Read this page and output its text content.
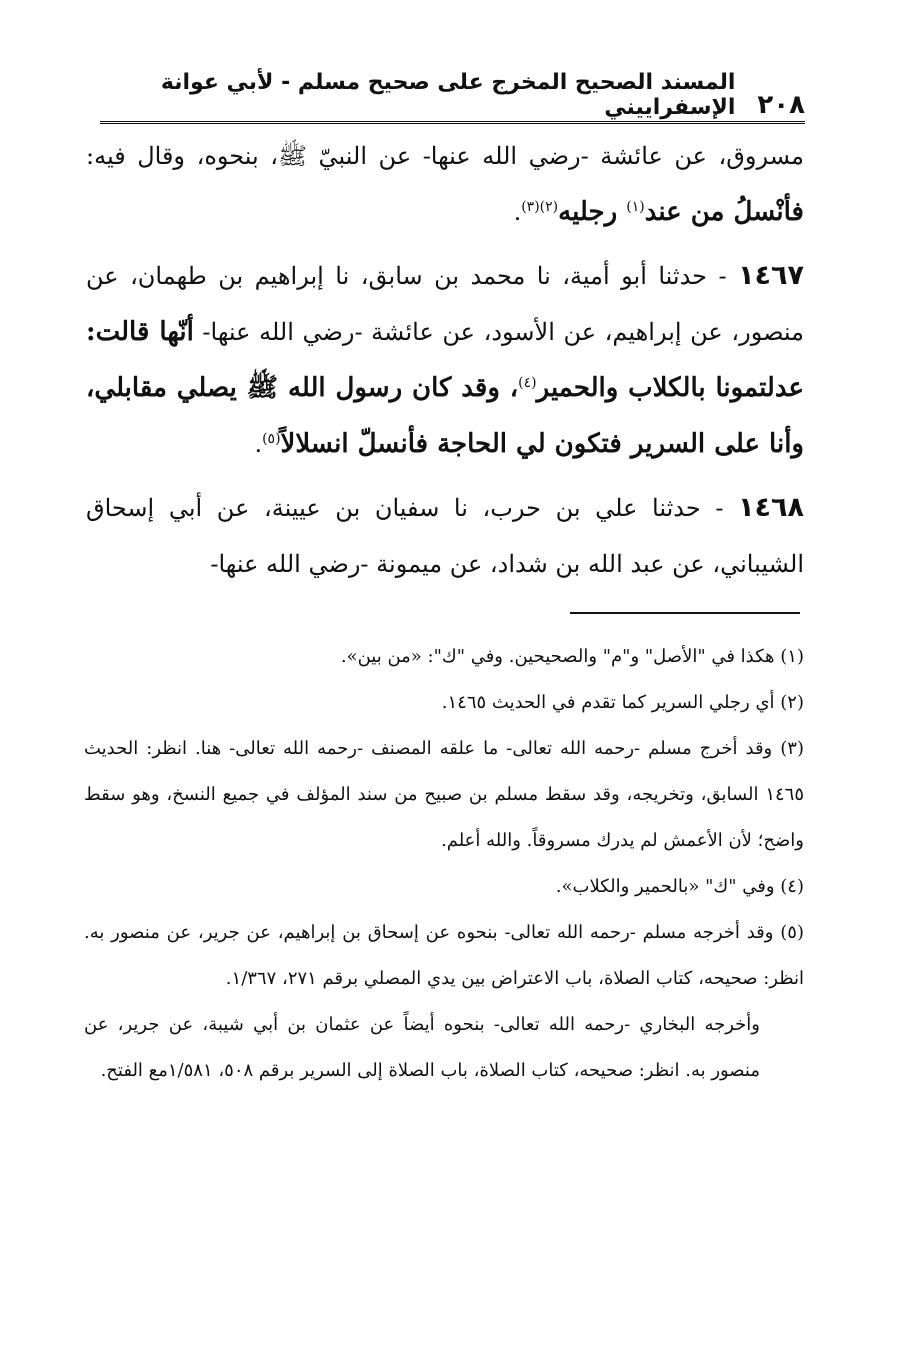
٢٠٨
المسند الصحيح المخرج على صحيح مسلم - لأبي عوانة الإسفراييني

مسروق، عن عائشة -رضي الله عنها- عن النبيّ ﷺ، بنحوه، وقال فيه: فأنْسلُ من عند$^{(١)}$ رجليه$^{(٢)(٣)}$.

١٤٦٧ - حدثنا أبو أمية، نا محمد بن سابق، نا إبراهيم بن طهمان، عن منصور، عن إبراهيم، عن الأسود، عن عائشة -رضي الله عنها- أنّها قالت: عدلتمونا بالكلاب والحمير$^{(٤)}$، وقد كان رسول الله ﷺ يصلي مقابلي، وأنا على السرير فتكون لي الحاجة فأنسلّ انسلالاً$^{(٥)}$.

١٤٦٨ - حدثنا علي بن حرب، نا سفيان بن عيينة، عن أبي إسحاق الشيباني، عن عبد الله بن شداد، عن ميمونة -رضي الله عنها-

(١) هكذا في "الأصل" و"م" والصحيحين. وفي "ك": «من بين».

(٢) أي رجلي السرير كما تقدم في الحديث ١٤٦٥.

(٣) وقد أخرج مسلم -رحمه الله تعالى- ما علقه المصنف -رحمه الله تعالى- هنا. انظر: الحديث ١٤٦٥ السابق، وتخريجه، وقد سقط مسلم بن صبيح من سند المؤلف في جميع النسخ، وهو سقط واضح؛ لأن الأعمش لم يدرك مسروقاً. والله أعلم.

(٤) وفي "ك" «بالحمير والكلاب».

(٥) وقد أخرجه مسلم -رحمه الله تعالى- بنحوه عن إسحاق بن إبراهيم، عن جرير، عن منصور به. انظر: صحيحه، كتاب الصلاة، باب الاعتراض بين يدي المصلي برقم ٢٧١، ١/٣٦٧.

وأخرجه البخاري -رحمه الله تعالى- بنحوه أيضاً عن عثمان بن أبي شيبة، عن جرير، عن منصور به. انظر: صحيحه، كتاب الصلاة، باب الصلاة إلى السرير برقم ٥٠٨، ١/٥٨١مع الفتح.
